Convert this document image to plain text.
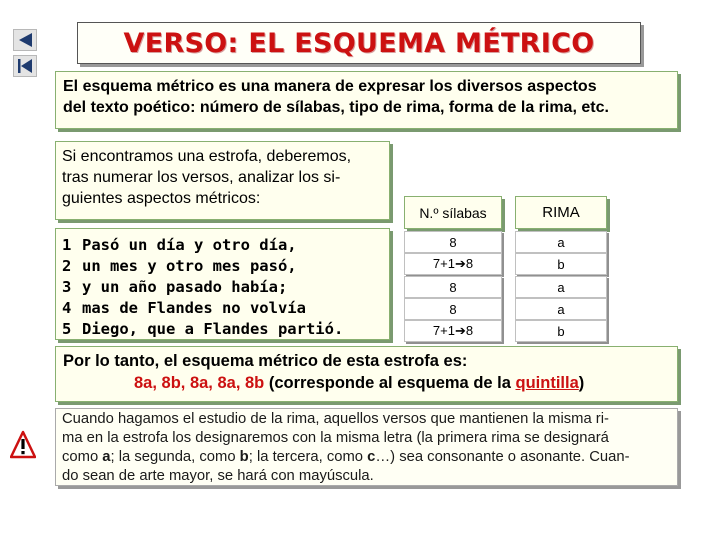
VERSO: EL ESQUEMA MÉTRICO
El esquema métrico es una manera de expresar los diversos aspectos
del texto poético: número de sílabas, tipo de rima, forma de la rima, etc.
Si encontramos una estrofa, deberemos,
tras numerar los versos, analizar los si-
guientes aspectos métricos:
1 Pasó un día y otro día,
2 un mes y otro mes pasó,
3 y un año pasado había;
4 mas de Flandes no volvía
5 Diego, que a Flandes partió.
N.º sílabas	RIMA
8	a
7+1➔8	b
8	a
8	a
7+1➔8	b
Por lo tanto, el esquema métrico de esta estrofa es:
8a, 8b, 8a, 8a, 8b (corresponde al esquema de la quintilla)
Cuando hagamos el estudio de la rima, aquellos versos que mantienen la misma ri-
ma en la estrofa los designaremos con la misma letra (la primera rima se designará
como a; la segunda, como b; la tercera, como c…) sea consonante o asonante. Cuan-
do sean de arte mayor, se hará con mayúscula.
